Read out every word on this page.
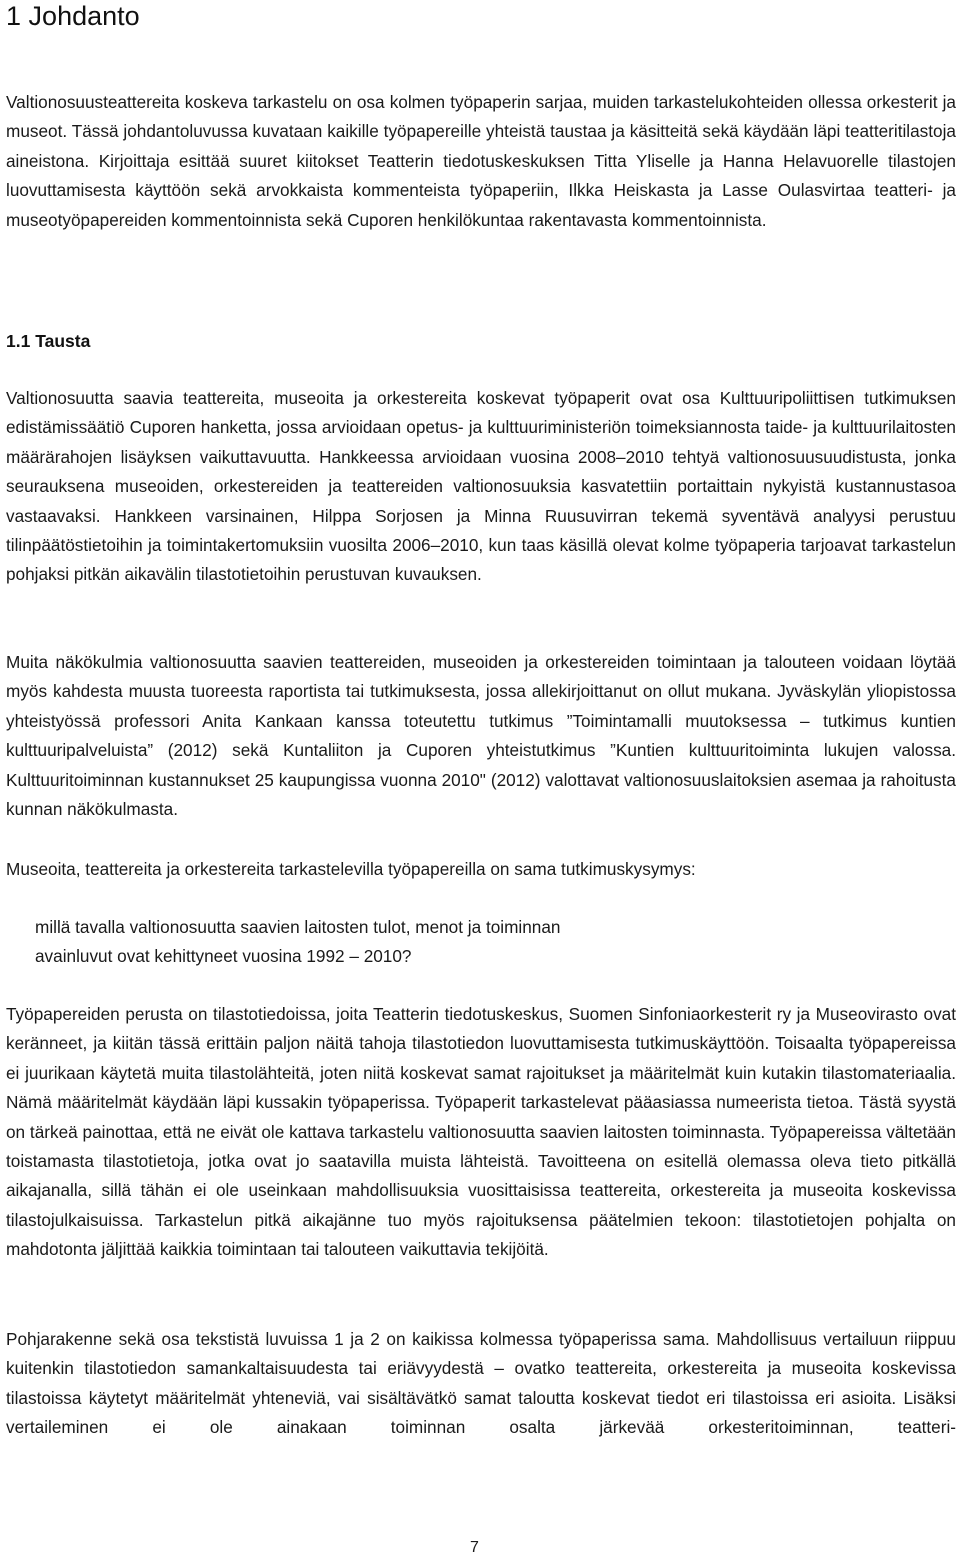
1 Johdanto

Valtionosuusteattereita koskeva tarkastelu on osa kolmen työpaperin sarjaa, muiden tarkastelukohteiden ollessa orkesterit ja museot. Tässä johdantoluvussa kuvataan kaikille työpapereille yhteistä taustaa ja käsitteitä sekä käydään läpi teatteritilastoja aineistona. Kirjoittaja esittää suuret kiitokset Teatterin tiedotuskeskuksen Titta Yliselle ja Hanna Helavuorelle tilastojen luovuttamisesta käyttöön sekä arvokkaista kommenteista työpaperiin, Ilkka Heiskasta ja Lasse Oulasvirtaa teatteri- ja museotyöpapereiden kommentoinnista sekä Cuporen henkilökuntaa rakentavasta kommentoinnista.

1.1 Tausta

Valtionosuutta saavia teattereita, museoita ja orkestereita koskevat työpaperit ovat osa Kulttuuripoliittisen tutkimuksen edistämissäätiö Cuporen hanketta, jossa arvioidaan opetus- ja kulttuuriministeriön toimeksiannosta taide- ja kulttuurilaitosten määrärahojen lisäyksen vaikuttavuutta. Hankkeessa arvioidaan vuosina 2008–2010 tehtyä valtionosuusuudistusta, jonka seurauksena museoiden, orkestereiden ja teattereiden valtionosuuksia kasvatettiin portaittain nykyistä kustannustasoa vastaavaksi. Hankkeen varsinainen, Hilppa Sorjosen ja Minna Ruusuvirran tekemä syventävä analyysi perustuu tilinpäätöstietoihin ja toimintakertomuksiin vuosilta 2006–2010, kun taas käsillä olevat kolme työpaperia tarjoavat tarkastelun pohjaksi pitkän aikavälin tilastotietoihin perustuvan kuvauksen.

Muita näkökulmia valtionosuutta saavien teattereiden, museoiden ja orkestereiden toimintaan ja talouteen voidaan löytää myös kahdesta muusta tuoreesta raportista tai tutkimuksesta, jossa allekirjoittanut on ollut mukana. Jyväskylän yliopistossa yhteistyössä professori Anita Kankaan kanssa toteutettu tutkimus ”Toimintamalli muutoksessa – tutkimus kuntien kulttuuripalveluista” (2012) sekä Kuntaliiton ja Cuporen yhteistutkimus ”Kuntien kulttuuritoiminta lukujen valossa. Kulttuuritoiminnan kustannukset 25 kaupungissa vuonna 2010" (2012) valottavat valtionosuuslaitoksien asemaa ja rahoitusta kunnan näkökulmasta.

Museoita, teattereita ja orkestereita tarkastelevilla työpapereilla on sama tutkimuskysymys:

millä tavalla valtionosuutta saavien laitosten tulot, menot ja toiminnan
avainluvut ovat kehittyneet vuosina 1992 – 2010?

Työpapereiden perusta on tilastotiedoissa, joita Teatterin tiedotuskeskus, Suomen Sinfoniaorkesterit ry ja Museovirasto ovat keränneet, ja kiitän tässä erittäin paljon näitä tahoja tilastotiedon luovuttamisesta tutkimuskäyttöön. Toisaalta työpapereissa ei juurikaan käytetä muita tilastolähteitä, joten niitä koskevat samat rajoitukset ja määritelmät kuin kutakin tilastomateriaalia. Nämä määritelmät käydään läpi kussakin työpaperissa. Työpaperit tarkastelevat pääasiassa numeerista tietoa. Tästä syystä on tärkeä painottaa, että ne eivät ole kattava tarkastelu valtionosuutta saavien laitosten toiminnasta. Työpapereissa vältetään toistamasta tilastotietoja, jotka ovat jo saatavilla muista lähteistä. Tavoitteena on esitellä olemassa oleva tieto pitkällä aikajanalla, sillä tähän ei ole useinkaan mahdollisuuksia vuosittaisissa teattereita, orkestereita ja museoita koskevissa tilastojulkaisuissa. Tarkastelun pitkä aikajänne tuo myös rajoituksensa päätelmien tekoon: tilastotietojen pohjalta on mahdotonta jäljittää kaikkia toimintaan tai talouteen vaikuttavia tekijöitä.

Pohjarakenne sekä osa tekstistä luvuissa 1 ja 2 on kaikissa kolmessa työpaperissa sama. Mahdollisuus vertailuun riippuu kuitenkin tilastotiedon samankaltaisuudesta tai eriävyydestä – ovatko teattereita, orkestereita ja museoita koskevissa tilastoissa käytetyt määritelmät yhteneviä, vai sisältävätkö samat taloutta koskevat tiedot eri tilastoissa eri asioita. Lisäksi vertaileminen ei ole ainakaan toiminnan osalta järkevää orkesteritoiminnan, teatteri-

7
